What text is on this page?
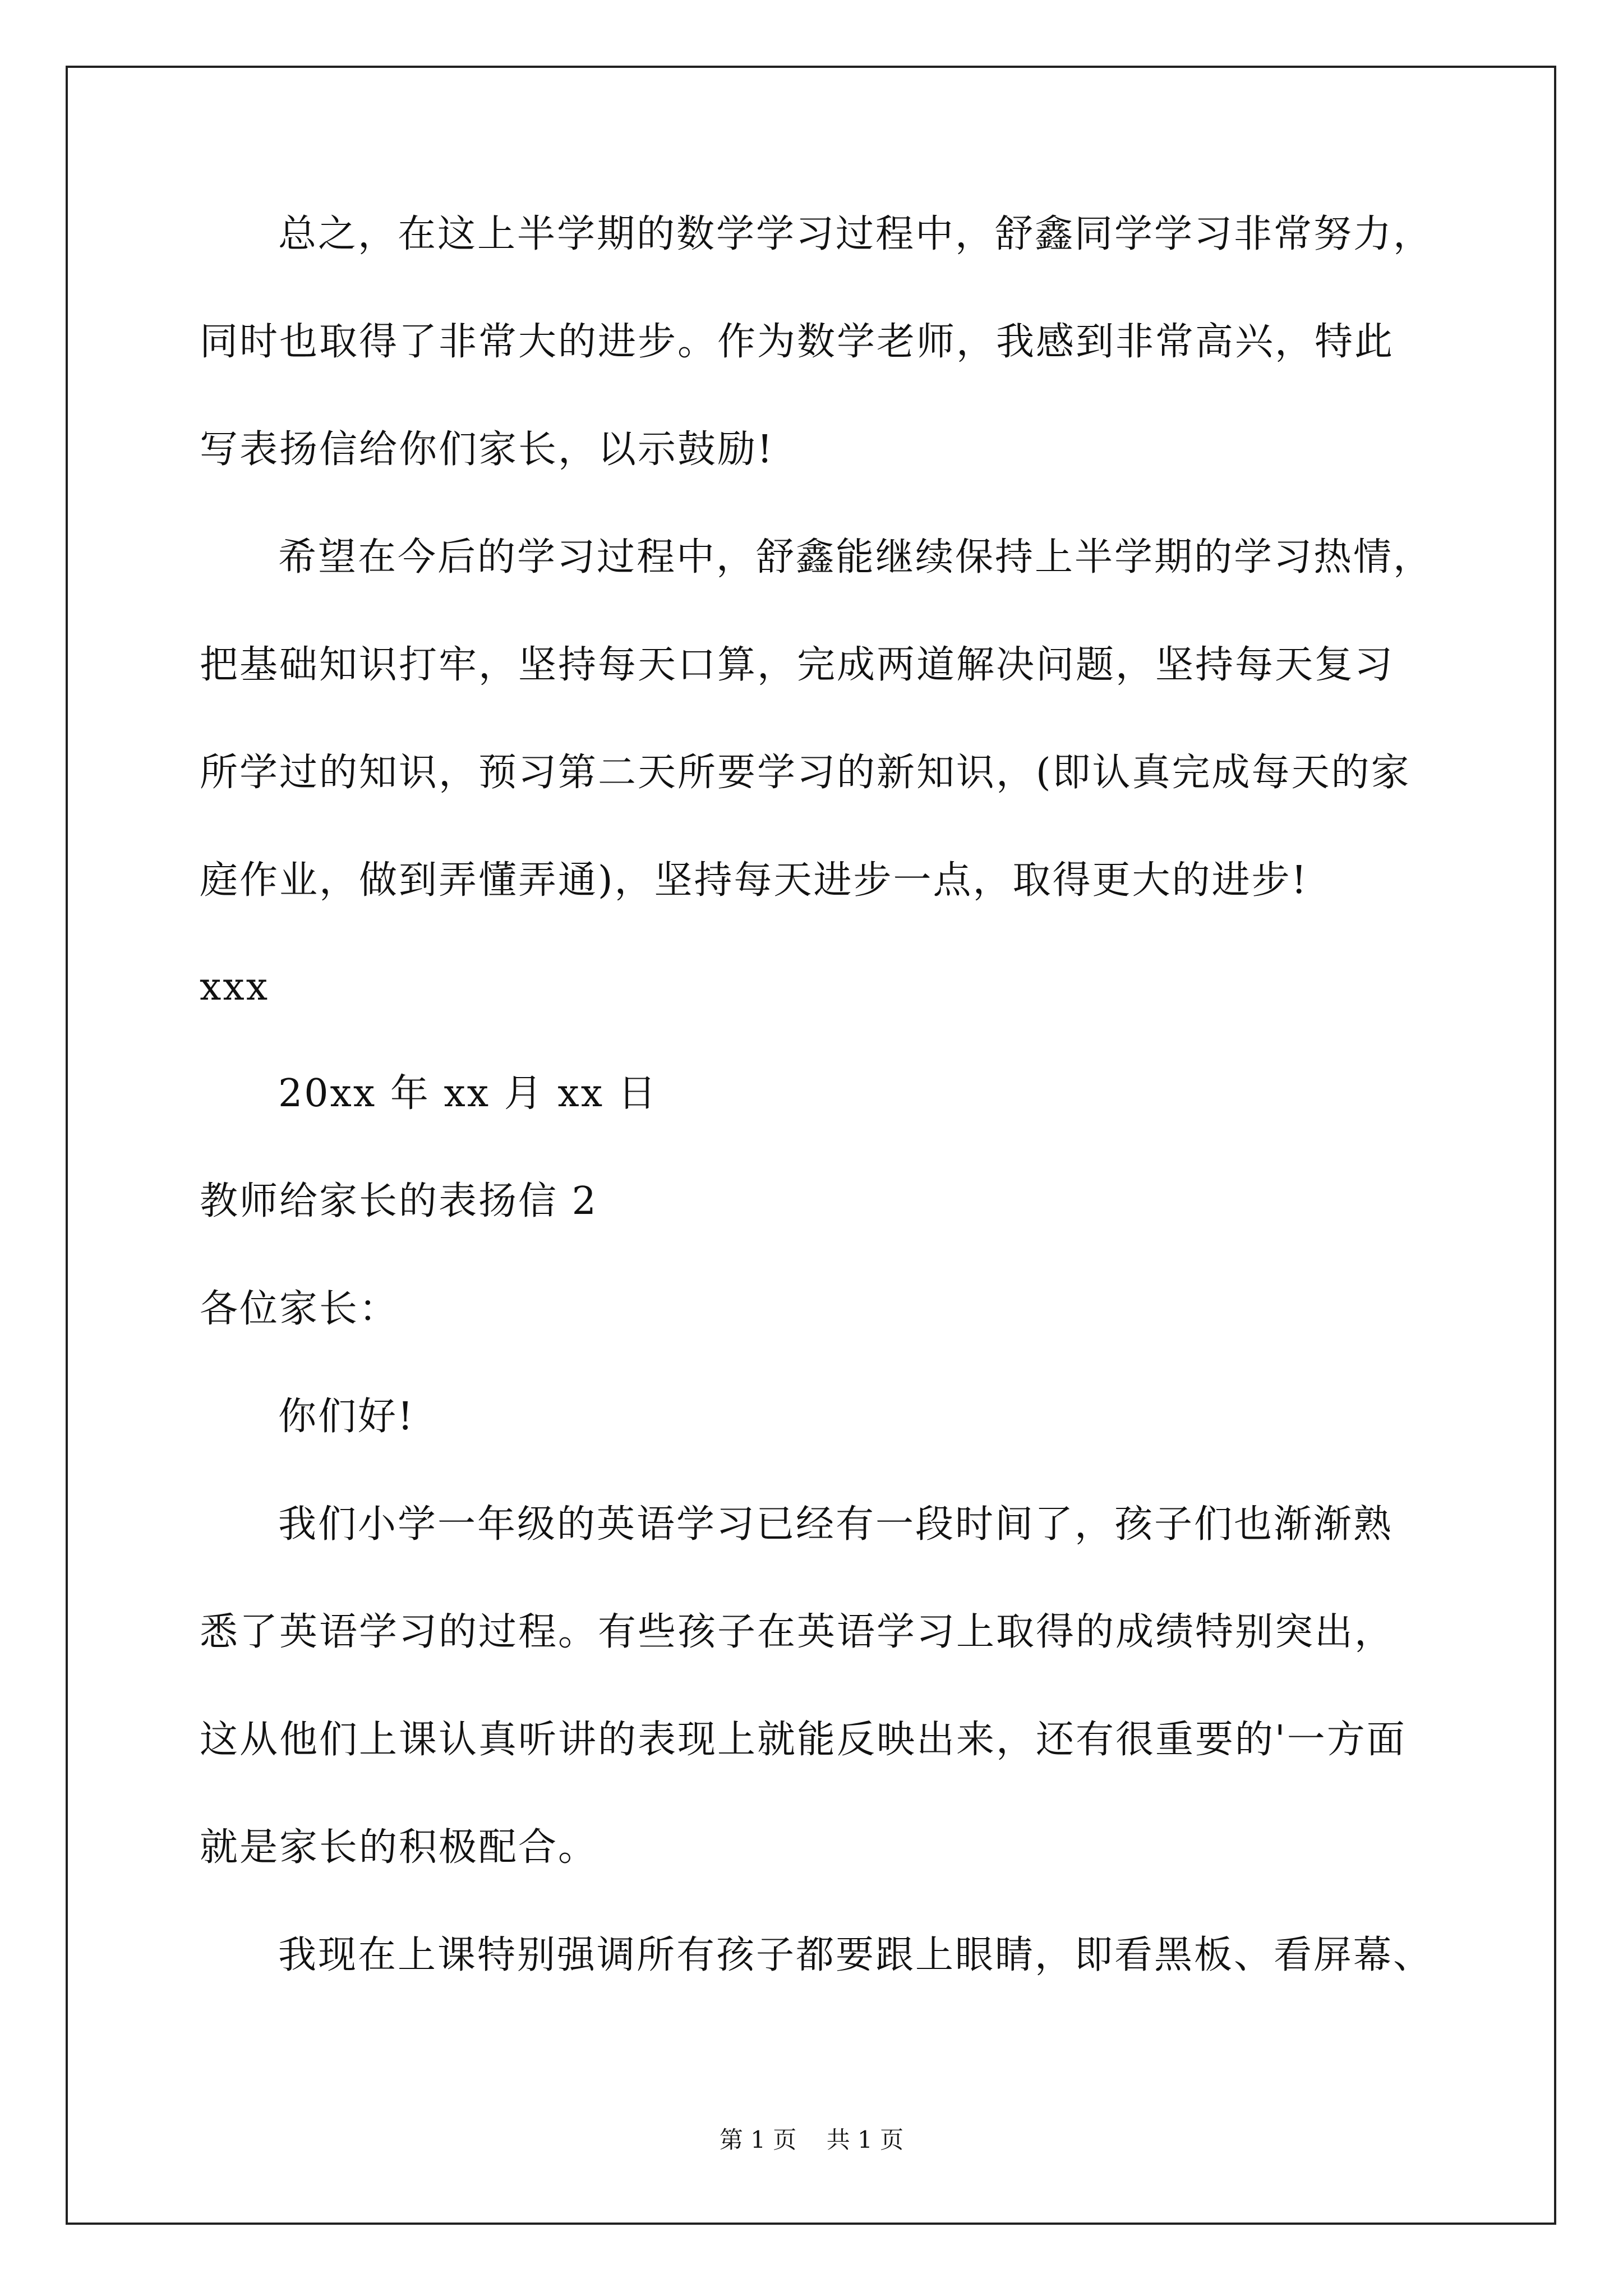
总之，在这上半学期的数学学习过程中，舒鑫同学学习非常努力，
同时也取得了非常大的进步。作为数学老师，我感到非常高兴，特此
写表扬信给你们家长，以示鼓励!
希望在今后的学习过程中，舒鑫能继续保持上半学期的学习热情，
把基础知识打牢，坚持每天口算，完成两道解决问题，坚持每天复习
所学过的知识，预习第二天所要学习的新知识，(即认真完成每天的家
庭作业，做到弄懂弄通)，坚持每天进步一点，取得更大的进步!
xxx
20xx 年 xx 月 xx 日
教师给家长的表扬信 2
各位家长：
你们好!
我们小学一年级的英语学习已经有一段时间了，孩子们也渐渐熟
悉了英语学习的过程。有些孩子在英语学习上取得的成绩特别突出，
这从他们上课认真听讲的表现上就能反映出来，还有很重要的'一方面
就是家长的积极配合。
我现在上课特别强调所有孩子都要跟上眼睛，即看黑板、看屏幕、
第 1 页    共 1 页
